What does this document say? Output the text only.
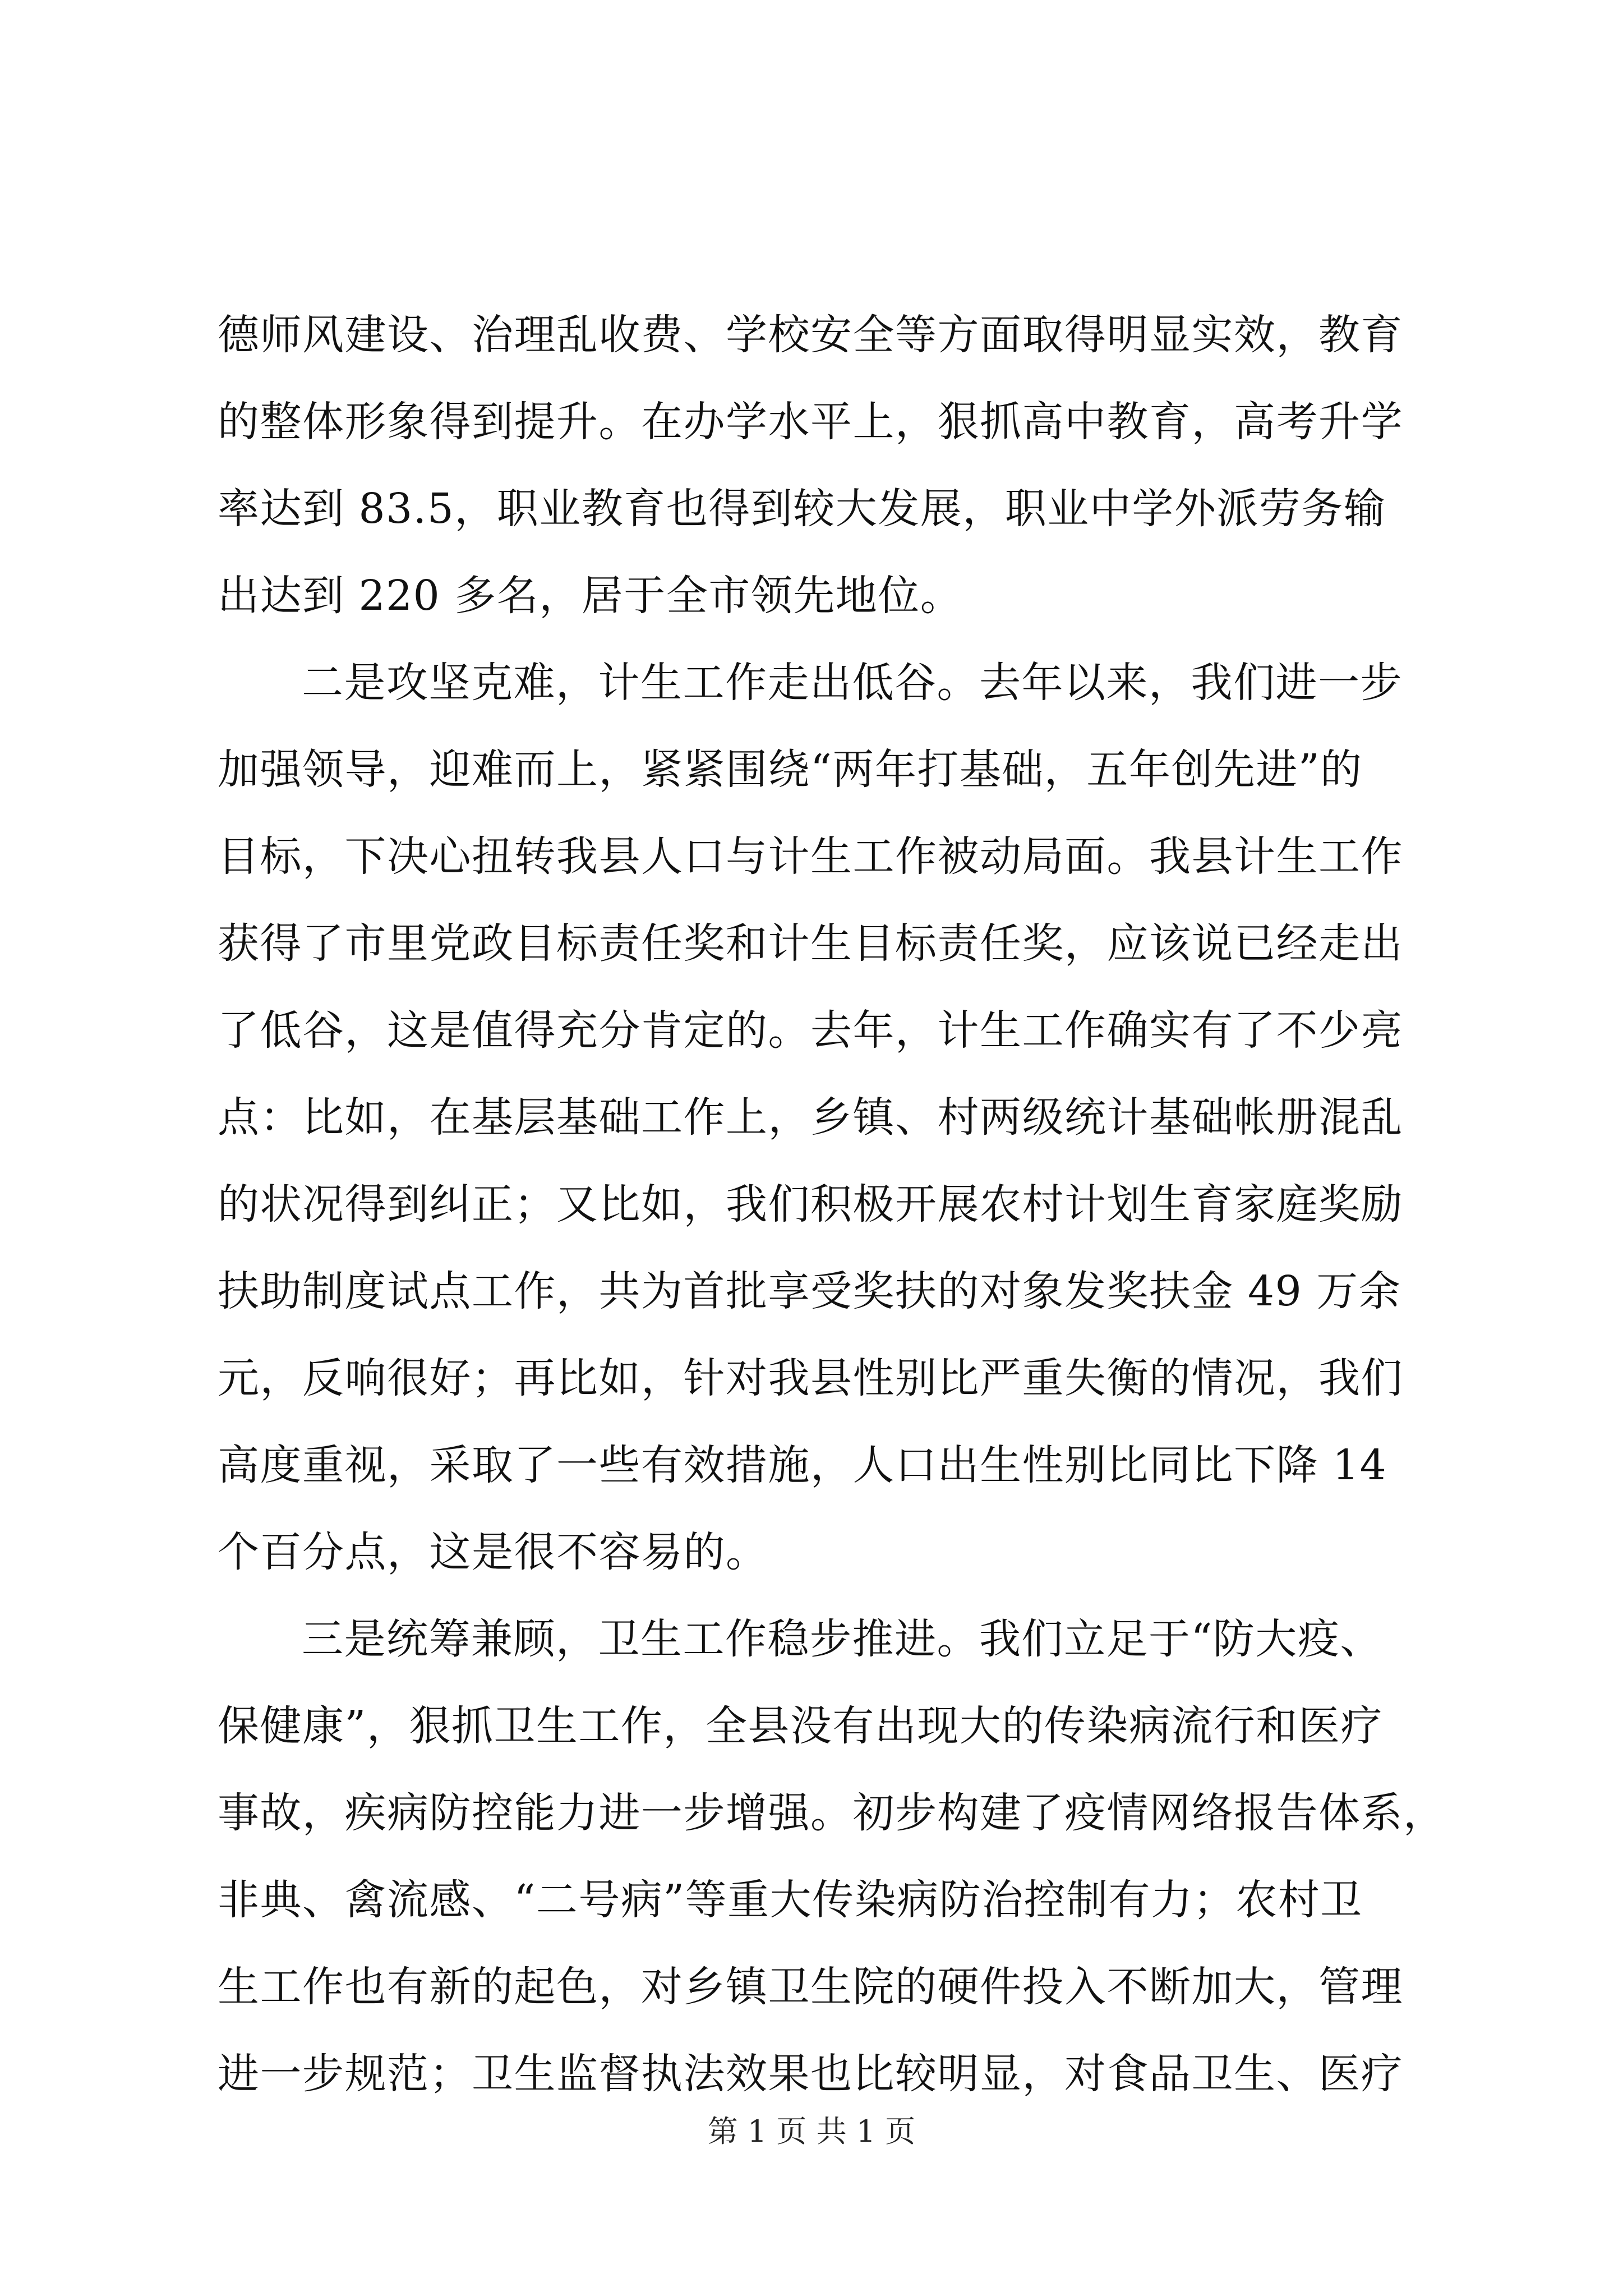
德师风建设、治理乱收费、学校安全等方面取得明显实效，教育
的整体形象得到提升。在办学水平上，狠抓高中教育，高考升学
率达到 83.5，职业教育也得到较大发展，职业中学外派劳务输
出达到 220 多名，居于全市领先地位。
二是攻坚克难，计生工作走出低谷。去年以来，我们进一步
加强领导，迎难而上，紧紧围绕“两年打基础，五年创先进”的
目标，下决心扭转我县人口与计生工作被动局面。我县计生工作
获得了市里党政目标责任奖和计生目标责任奖，应该说已经走出
了低谷，这是值得充分肯定的。去年，计生工作确实有了不少亮
点：比如，在基层基础工作上，乡镇、村两级统计基础帐册混乱
的状况得到纠正；又比如，我们积极开展农村计划生育家庭奖励
扶助制度试点工作，共为首批享受奖扶的对象发奖扶金 49 万余
元，反响很好；再比如，针对我县性别比严重失衡的情况，我们
高度重视，采取了一些有效措施，人口出生性别比同比下降 14
个百分点，这是很不容易的。
三是统筹兼顾，卫生工作稳步推进。我们立足于“防大疫、
保健康”，狠抓卫生工作，全县没有出现大的传染病流行和医疗
事故，疾病防控能力进一步增强。初步构建了疫情网络报告体系，
非典、禽流感、“二号病”等重大传染病防治控制有力；农村卫
生工作也有新的起色，对乡镇卫生院的硬件投入不断加大，管理
进一步规范；卫生监督执法效果也比较明显，对食品卫生、医疗
第 1 页 共 1 页
